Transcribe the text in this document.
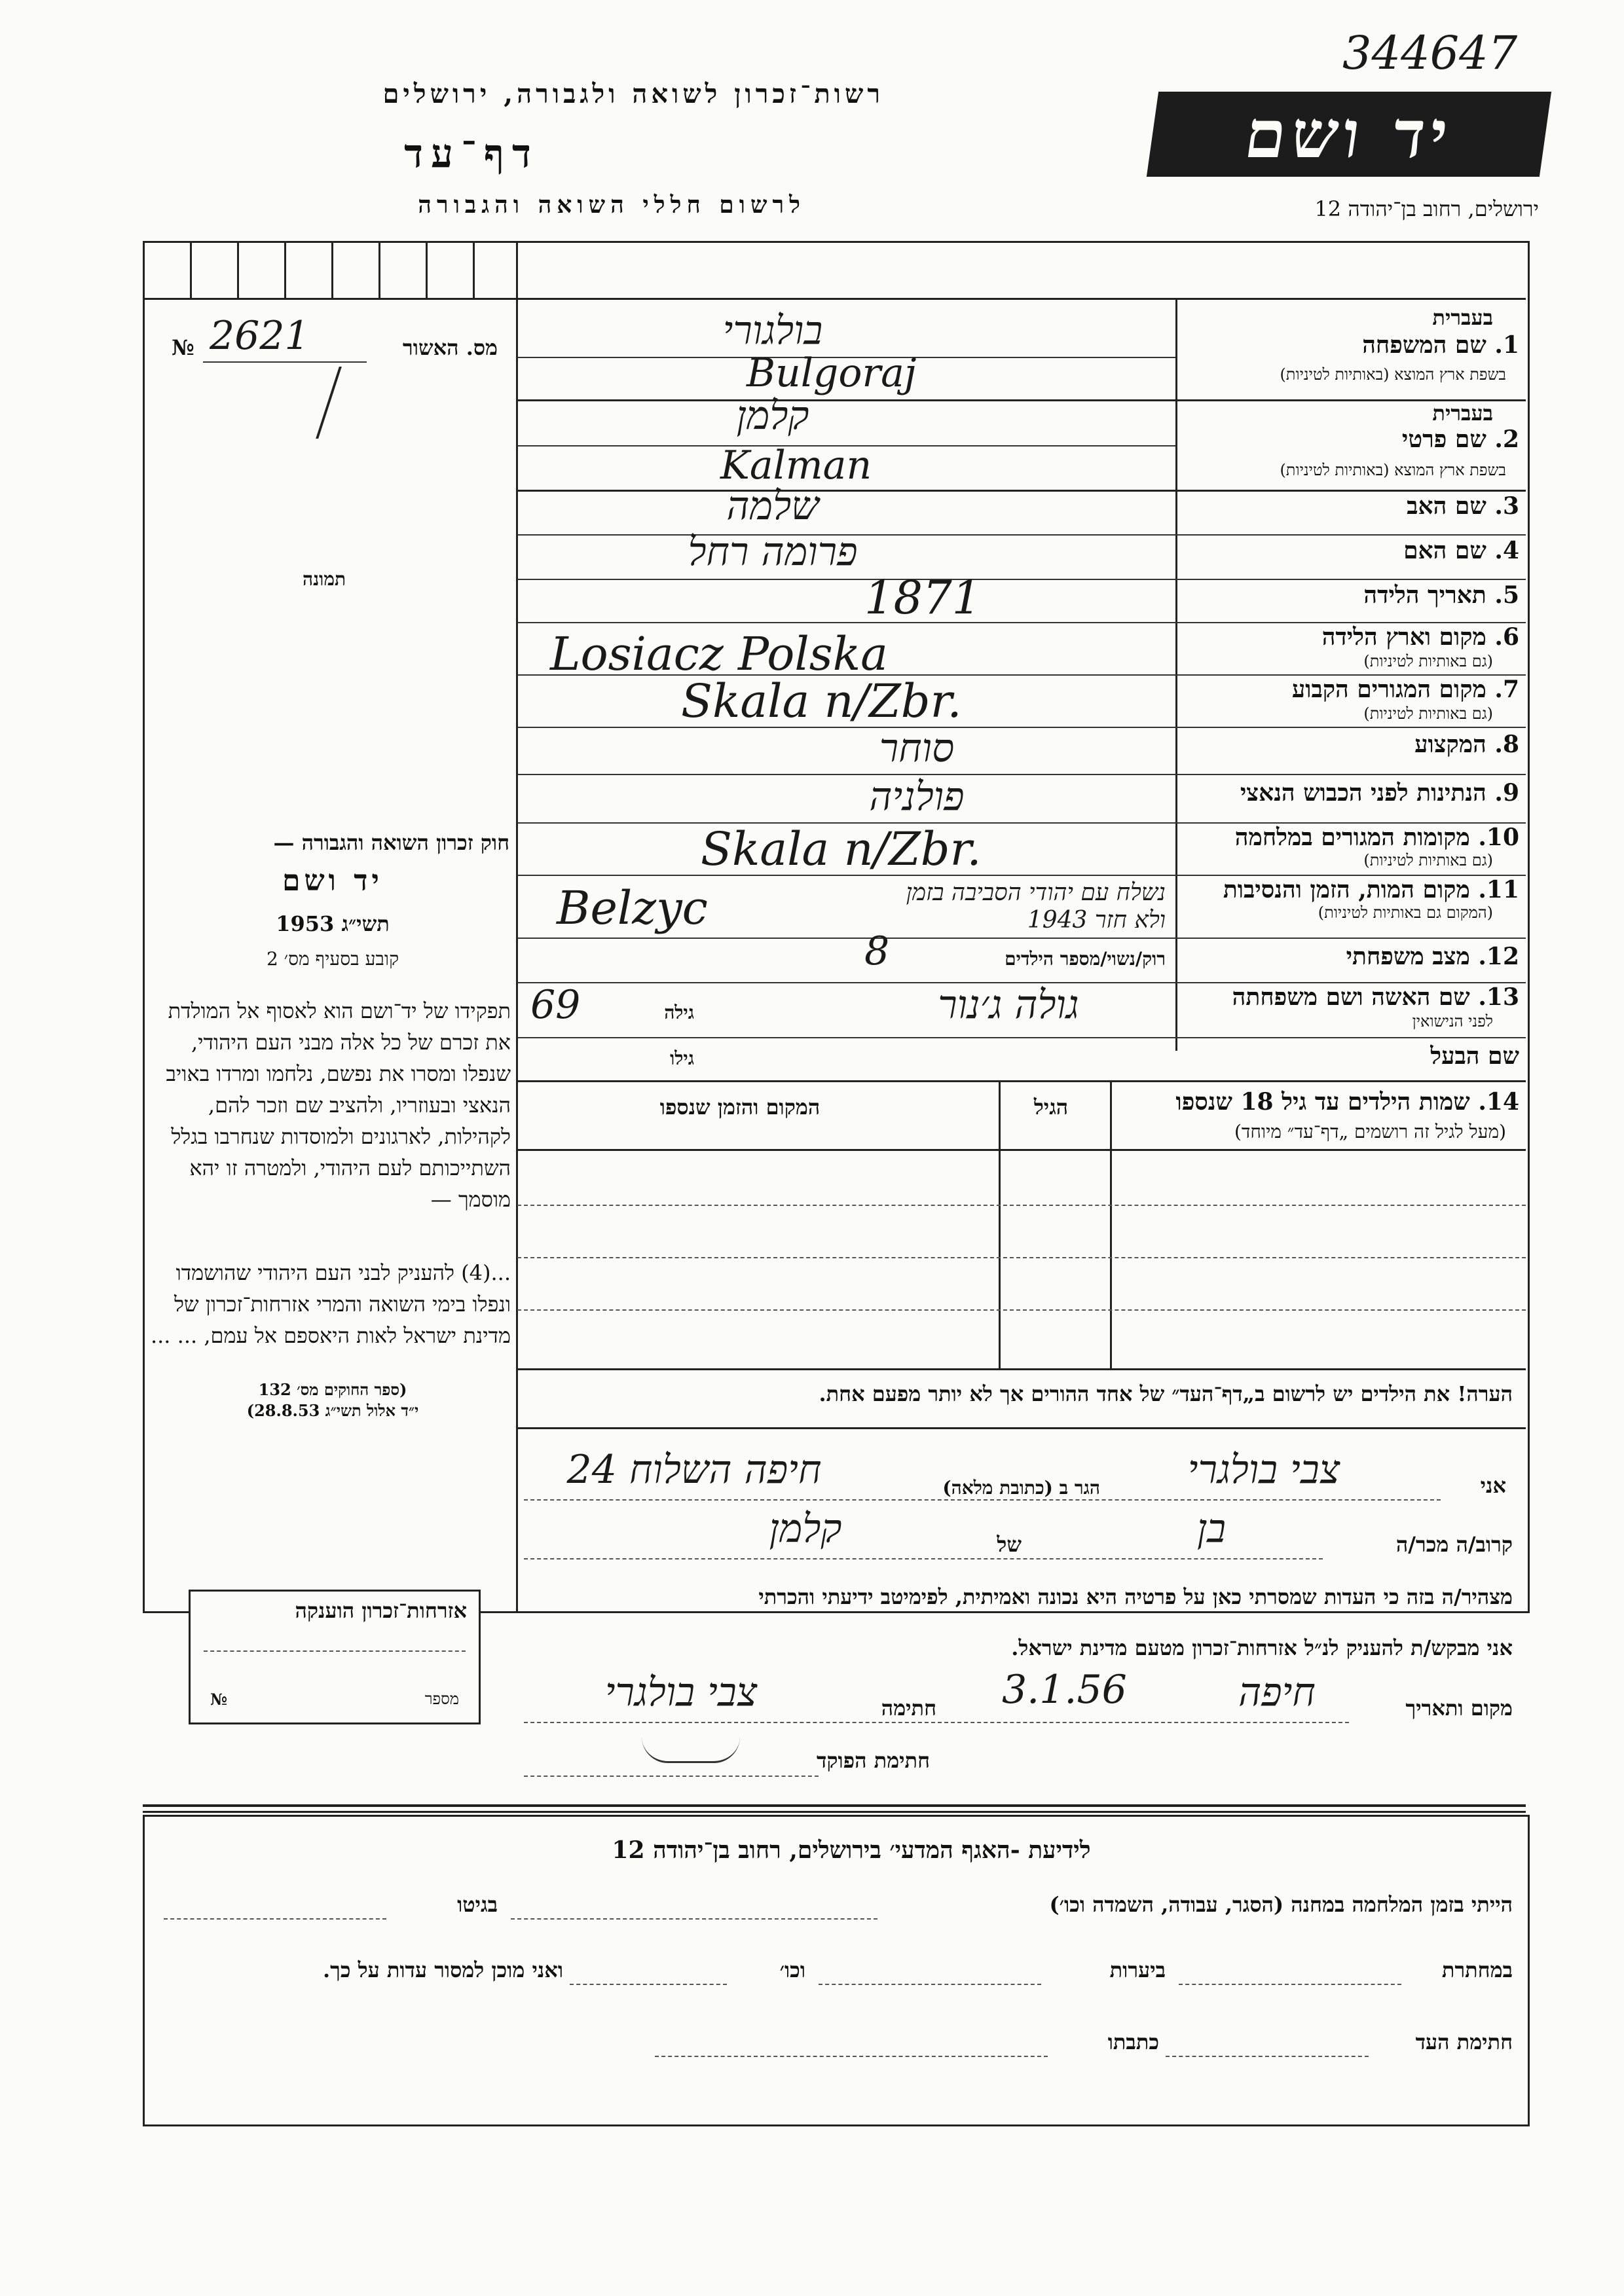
344647
רשות־זכרון לשואה ולגבורה, ירושלים
דף־עד
לרשום חללי השואה והגבורה
יד ושם
ירושלים, רחוב בן־יהודה 12
№ 2621	מס. האשור
תמונה
חוק זכרון השואה והגבורה —
יד ושם
תשי״ג 1953
קובע בסעיף מס׳ 2
תפקידו של יד־ושם הוא לאסוף אל המולדת את זכרם של כל אלה מבני העם היהודי, שנפלו ומסרו את נפשם, נלחמו ומרדו באויב הנאצי ובעוזריו, ולהציב שם וזכר להם, לקהילות, לארגונים ולמוסדות שנחרבו בגלל השתייכותם לעם היהודי, ולמטרה זו יהא מוסמך —
...(4) להעניק לבני העם היהודי שהושמדו ונפלו בימי השואה והמרי אזרחות־זכרון של מדינת ישראל לאות היאספם אל עמם, ... ...
(ספר החוקים מס׳ 132
י״ד אלול תשי״ג 28.8.53)
אזרחות־זכרון הוענקה
מספר
№
בעברית
1. שם המשפחה
בשפת ארץ המוצא (באותיות לטיניות)
בולגורי
Bulgoraj
בעברית
2. שם פרטי
בשפת ארץ המוצא (באותיות לטיניות)
קלמן
Kalman
3. שם האב
שלמה
4. שם האם
פרומה רחל
5. תאריך הלידה
1871
6. מקום וארץ הלידה
(גם באותיות לטיניות)
Losiacz Polska
7. מקום המגורים הקבוע
(גם באותיות לטיניות)
Skala n/Zbr.
8. המקצוע
סוחר
9. הנתינות לפני הכבוש הנאצי
פולניה
10. מקומות המגורים במלחמה
(גם באותיות לטיניות)
Skala n/Zbr.
11. מקום המות, הזמן והנסיבות
(המקום גם באותיות לטיניות)
Belzyc	נשלח עם יהודי הסביבה בזמן
ולא חזר 1943
12. מצב משפחתי
רוק/נשוי/מספר הילדים
8
13. שם האשה ושם משפחתה
לפני הנישואין
גולה ג׳נור
גילה
69
שם הבעל
גילו
14. שמות הילדים עד גיל 18 שנספו
(מעל לגיל זה רושמים „דף־עד״ מיוחד)
הגיל
המקום והזמן שנספו
הערה! את הילדים יש לרשום ב„דף־העד״ של אחד ההורים אך לא יותר מפעם אחת.
אני
צבי בולגרי
הגר ב (כתובת מלאה)
חיפה השלוח 24
קרוב/ה מכר/ה
בן
של
קלמן
מצהיר/ה בזה כי העדות שמסרתי כאן על פרטיה היא נכונה ואמיתית, לפימיטב ידיעתי והכרתי
אני מבקש/ת להעניק לנ״ל אזרחות־זכרון מטעם מדינת ישראל.
מקום ותאריך
חיפה
3.1.56
חתימה
צבי בולגרי
חתימת הפוקד
לידיעת -האגף המדעי׳ בירושלים, רחוב בן־יהודה 12
הייתי בזמן המלחמה במחנה (הסגר, עבודה, השמדה וכו׳)
בגיטו
במחתרת
ביערות
וכו׳
ואני מוכן למסור עדות על כך.
חתימת העד
כתבתו
